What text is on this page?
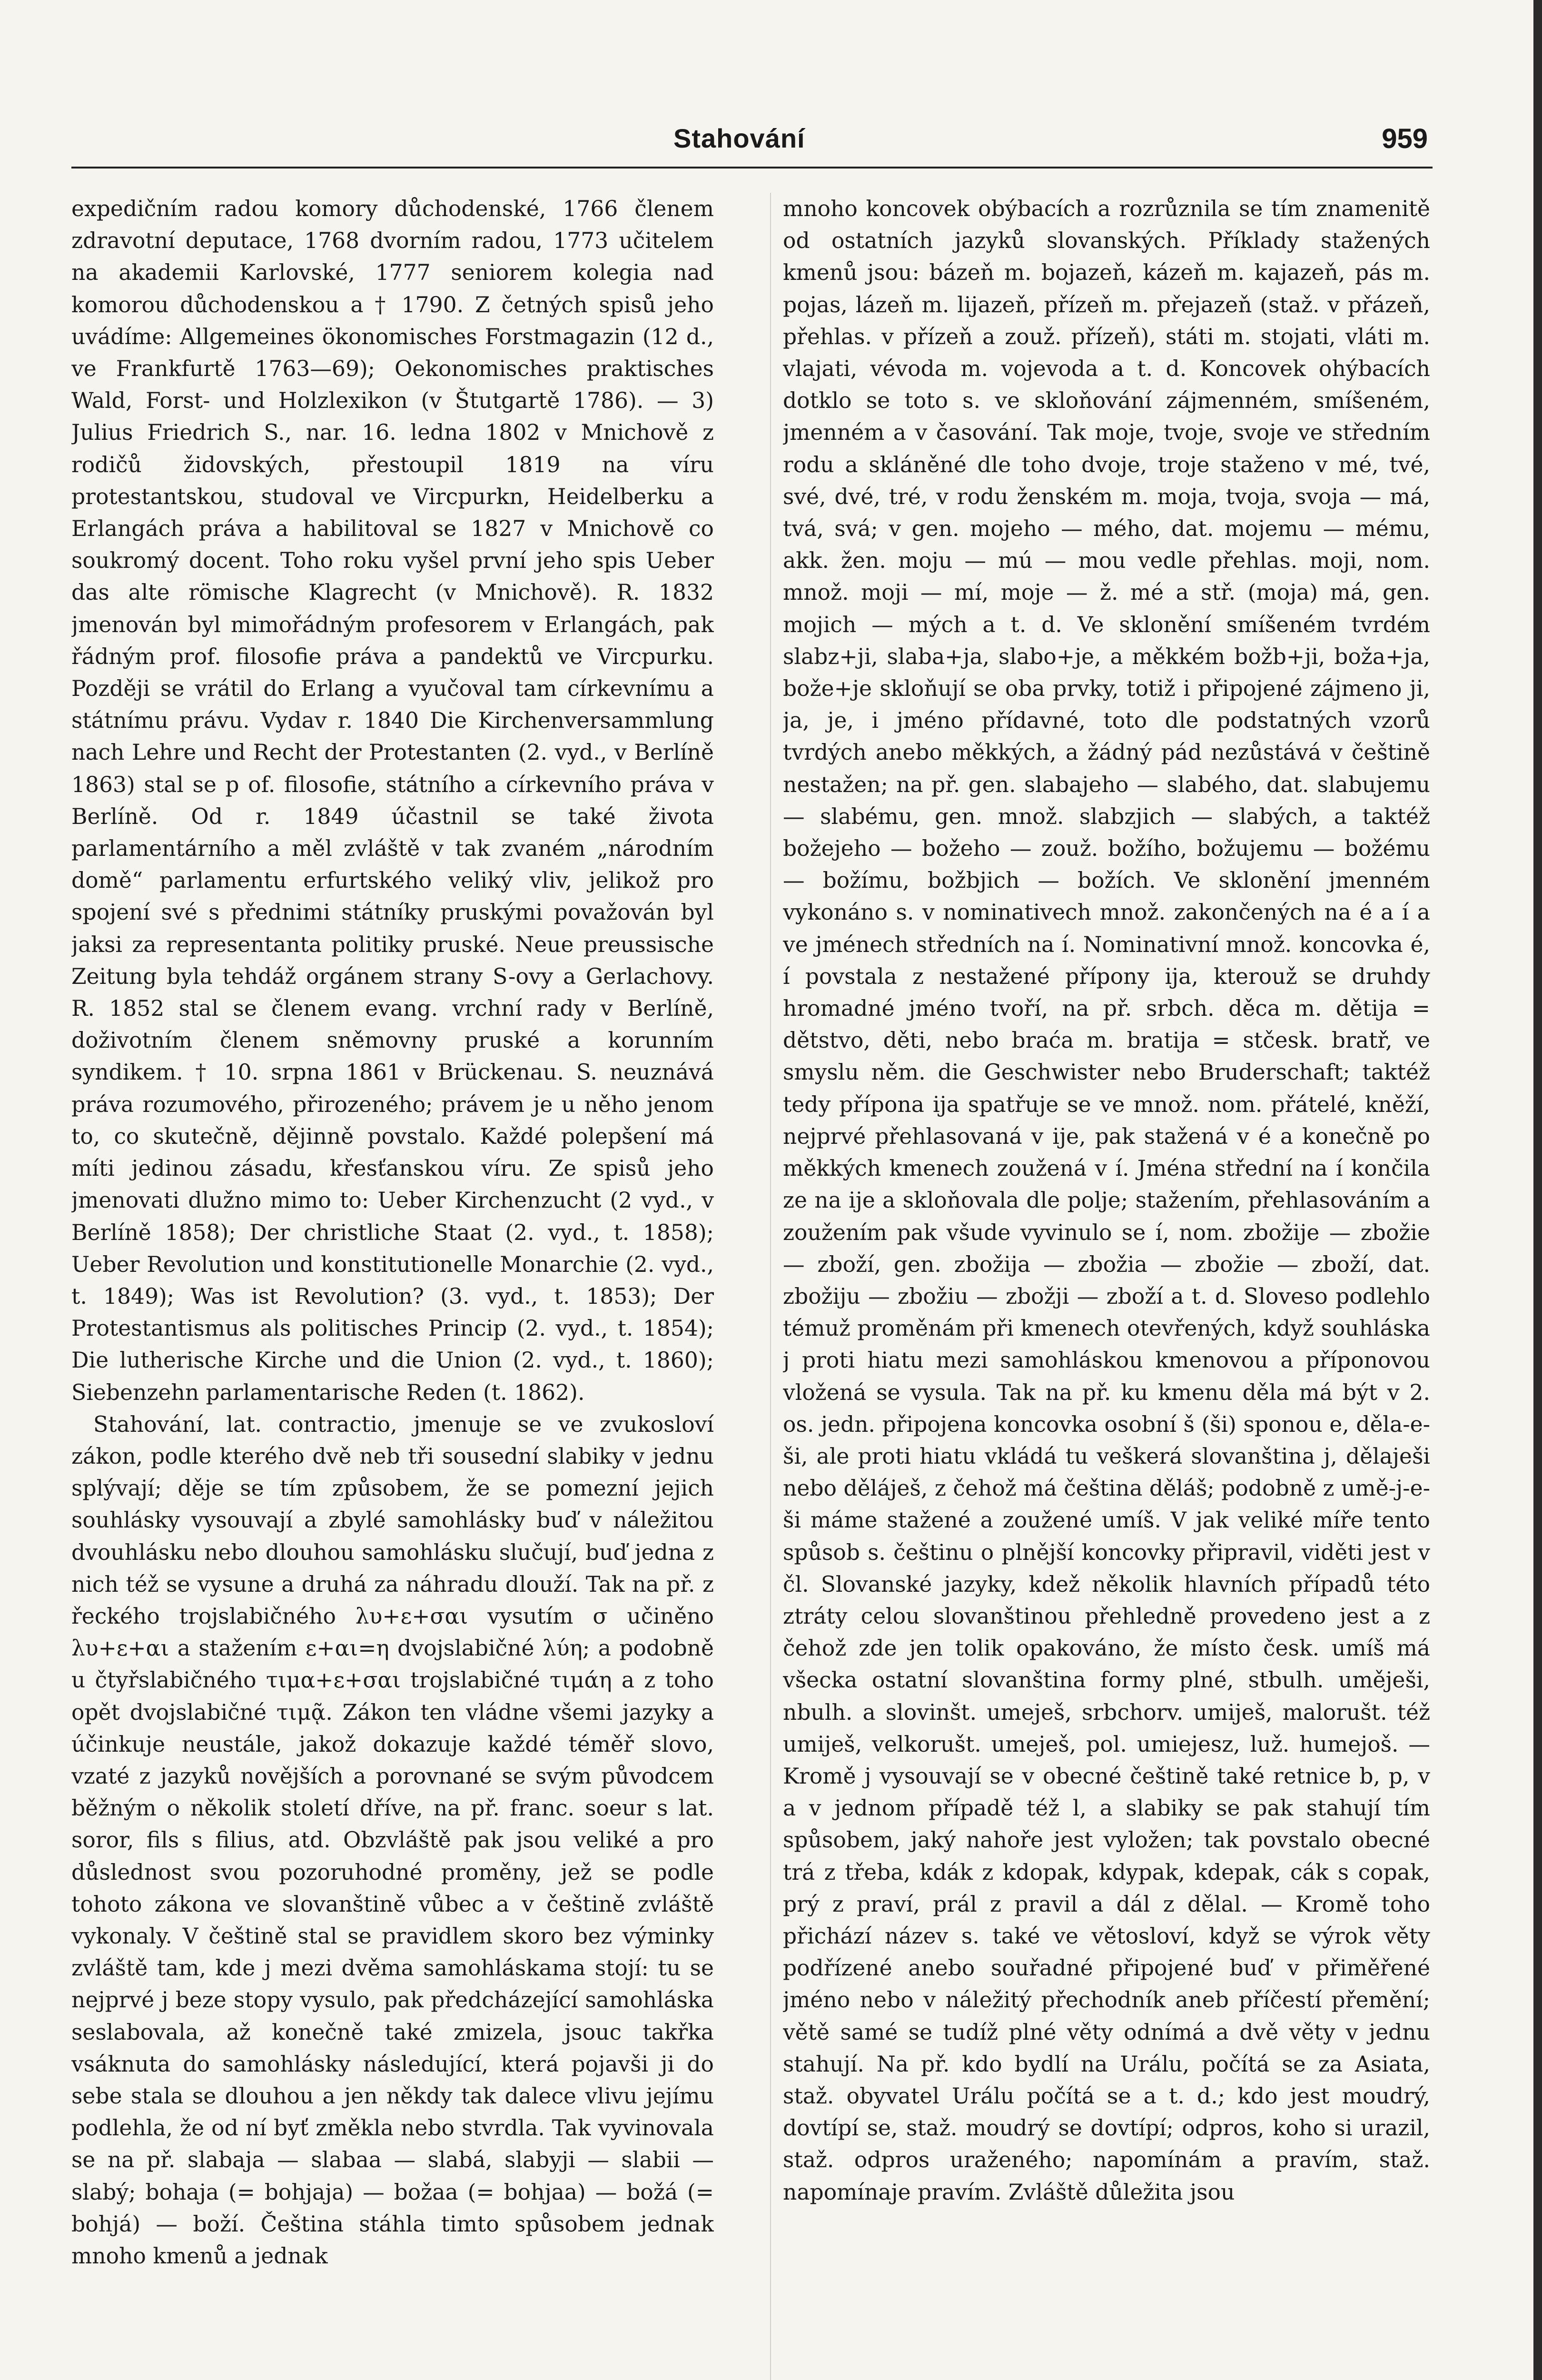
Stahování	959

expedičním radou komory důchodenské, 1766 členem zdravotní deputace, 1768 dvorním radou, 1773 učitelem na akademii Karlovské, 1777 seniorem kolegia nad komorou důchodenskou a † 1790. Z četných spisů jeho uvádíme: Allgemeines ökonomisches Forstmagazin (12 d., ve Frankfurtě 1763—69); Oekonomisches praktisches Wald, Forst- und Holzlexikon (v Štutgartě 1786). — 3) Julius Friedrich S., nar. 16. ledna 1802 v Mnichově z rodičů židovských, přestoupil 1819 na víru protestantskou, studoval ve Vircpurkn, Heidelberku a Erlangách práva a habilitoval se 1827 v Mnichově co soukromý docent. Toho roku vyšel první jeho spis Ueber das alte römische Klagrecht (v Mnichově). R. 1832 jmenován byl mimořádným profesorem v Erlangách, pak řádným prof. filosofie práva a pandektů ve Vircpurku. Později se vrátil do Erlang a vyučoval tam církevnímu a státnímu právu. Vydav r. 1840 Die Kirchenversammlung nach Lehre und Recht der Protestanten (2. vyd., v Berlíně 1863) stal se p of. filosofie, státního a církevního práva v Berlíně. Od r. 1849 účastnil se také života parlamentárního a měl zvláště v tak zvaném „národním domě“ parlamentu erfurtského veliký vliv, jelikož pro spojení své s přednimi státníky pruskými považován byl jaksi za representanta politiky pruské. Neue preussische Zeitung byla tehdáž orgánem strany S-ovy a Gerlachovy. R. 1852 stal se členem evang. vrchní rady v Berlíně, doživotním členem sněmovny pruské a korunním syndikem. † 10. srpna 1861 v Brückenau. S. neuznává práva rozumového, přirozeného; právem je u něho jenom to, co skutečně, dějinně povstalo. Každé polepšení má míti jedinou zásadu, křesťanskou víru. Ze spisů jeho jmenovati dlužno mimo to: Ueber Kirchenzucht (2 vyd., v Berlíně 1858); Der christliche Staat (2. vyd., t. 1858); Ueber Revolution und konstitutionelle Monarchie (2. vyd., t. 1849); Was ist Revolution? (3. vyd., t. 1853); Der Protestantismus als politisches Princip (2. vyd., t. 1854); Die lutherische Kirche und die Union (2. vyd., t. 1860); Siebenzehn parlamentarische Reden (t. 1862).

Stahování, lat. contractio, jmenuje se ve zvukosloví zákon, podle kterého dvě neb tři sousední slabiky v jednu splývají; děje se tím způsobem, že se pomezní jejich souhlásky vysouvají a zbylé samohlásky buď v náležitou dvouhlásku nebo dlouhou samohlásku slučují, buď jedna z nich též se vysune a druhá za náhradu dlouží. Tak na př. z řeckého trojslabičného λυ+ε+σαι vysutím σ učiněno λυ+ε+αι a stažením ε+αι=η dvojslabičné λύη; a podobně u čtyřslabičného τιμα+ε+σαι trojslabičné τιμάη a z toho opět dvojslabičné τιμᾷ. Zákon ten vládne všemi jazyky a účinkuje neustále, jakož dokazuje každé téměř slovo, vzaté z jazyků novějších a porovnané se svým původcem běžným o několik století dříve, na př. franc. soeur s lat. soror, fils s filius, atd. Obzvláště pak jsou veliké a pro důslednost svou pozoruhodné proměny, jež se podle tohoto zákona ve slovanštině vůbec a v češtině zvláště vykonaly. V češtině stal se pravidlem skoro bez výminky zvláště tam, kde j mezi dvěma samohláskama stojí: tu se nejprvé j beze stopy vysulo, pak předcházející samohláska seslabovala, až konečně také zmizela, jsouc takřka vsáknuta do samohlásky následující, která pojavši ji do sebe stala se dlouhou a jen někdy tak dalece vlivu jejímu podlehla, že od ní byť změkla nebo stvrdla. Tak vyvinovala se na př. slabaja — slabaa — slabá, slabyji — slabii — slabý; bohaja (= bohjaja) — božaa (= bohjaa) — božá (= bohjá) — boží. Čeština stáhla timto spůsobem jednak mnoho kmenů a jednak

mnoho koncovek obýbacích a rozrůznila se tím znamenitě od ostatních jazyků slovanských. Příklady stažených kmenů jsou: bázeň m. bojazeň, kázeň m. kajazeň, pás m. pojas, lázeň m. lijazeň, přízeň m. přejazeň (staž. v přázeň, přehlas. v přízeň a zouž. přízeň), státi m. stojati, vláti m. vlajati, vévoda m. vojevoda a t. d. Koncovek ohýbacích dotklo se toto s. ve skloňování zájmenném, smíšeném, jmenném a v časování. Tak moje, tvoje, svoje ve středním rodu a skláněné dle toho dvoje, troje staženo v mé, tvé, své, dvé, tré, v rodu ženském m. moja, tvoja, svoja — má, tvá, svá; v gen. mojeho — mého, dat. mojemu — mému, akk. žen. moju — mú — mou vedle přehlas. moji, nom. množ. moji — mí, moje — ž. mé a stř. (moja) má, gen. mojich — mých a t. d. Ve sklonění smíšeném tvrdém slabz+ji, slaba+ja, slabo+je, a měkkém božb+ji, boža+ja, bože+je skloňují se oba prvky, totiž i připojené zájmeno ji, ja, je, i jméno přídavné, toto dle podstatných vzorů tvrdých anebo měkkých, a žádný pád nezůstává v češtině nestažen; na př. gen. slabajeho — slabého, dat. slabujemu — slabému, gen. množ. slabzjich — slabých, a taktéž božejeho — božeho — zouž. božího, božujemu — božému — božímu, božbjich — božích. Ve sklonění jmenném vykonáno s. v nominativech množ. zakončených na é a í a ve jménech středních na í. Nominativní množ. koncovka é, í povstala z nestažené přípony ija, kterouž se druhdy hromadné jméno tvoří, na př. srbch. děca m. dětija = dětstvo, děti, nebo braća m. bratija = stčesk. bratř, ve smyslu něm. die Geschwister nebo Bruderschaft; taktéž tedy přípona ija spatřuje se ve množ. nom. přátelé, kněží, nejprvé přehlasovaná v ije, pak stažená v é a konečně po měkkých kmenech zoužená v í. Jména střední na í končila ze na ije a skloňovala dle polje; stažením, přehlasováním a zoužením pak všude vyvinulo se í, nom. zbožije — zbožie — zboží, gen. zbožija — zbožia — zbožie — zboží, dat. zbožiju — zbožiu — zbožji — zboží a t. d. Sloveso podlehlo témuž proměnám při kmenech otevřených, když souhláska j proti hiatu mezi samohláskou kmenovou a příponovou vložená se vysula. Tak na př. ku kmenu děla má být v 2. os. jedn. připojena koncovka osobní š (ši) sponou e, děla-e-ši, ale proti hiatu vkládá tu veškerá slovanština j, dělaješi nebo děláješ, z čehož má čeština děláš; podobně z umě-j-e-ši máme stažené a zoužené umíš. V jak veliké míře tento spůsob s. češtinu o plnější koncovky připravil, viděti jest v čl. Slovanské jazyky, kdež několik hlavních případů této ztráty celou slovanštinou přehledně provedeno jest a z čehož zde jen tolik opakováno, že místo česk. umíš má všecka ostatní slovanština formy plné, stbulh. uměješi, nbulh. a slovinšt. umeješ, srbchorv. umiješ, malorušt. též umiješ, velkorušt. umeješ, pol. umiejesz, luž. humejoš. — Kromě j vysouvají se v obecné češtině také retnice b, p, v a v jednom případě též l, a slabiky se pak stahují tím spůsobem, jaký nahoře jest vyložen; tak povstalo obecné trá z třeba, kdák z kdopak, kdypak, kdepak, cák s copak, prý z praví, prál z pravil a dál z dělal. — Kromě toho přichází název s. také ve větosloví, když se výrok věty podřízené anebo souřadné připojené buď v přiměřené jméno nebo v náležitý přechodník aneb příčestí přemění; větě samé se tudíž plné věty odnímá a dvě věty v jednu stahují. Na př. kdo bydlí na Urálu, počítá se za Asiata, staž. obyvatel Urálu počítá se a t. d.; kdo jest moudrý, dovtípí se, staž. moudrý se dovtípí; odpros, koho si urazil, staž. odpros uraženého; napomínám a pravím, staž. napomínaje pravím. Zvláště důležita jsou
